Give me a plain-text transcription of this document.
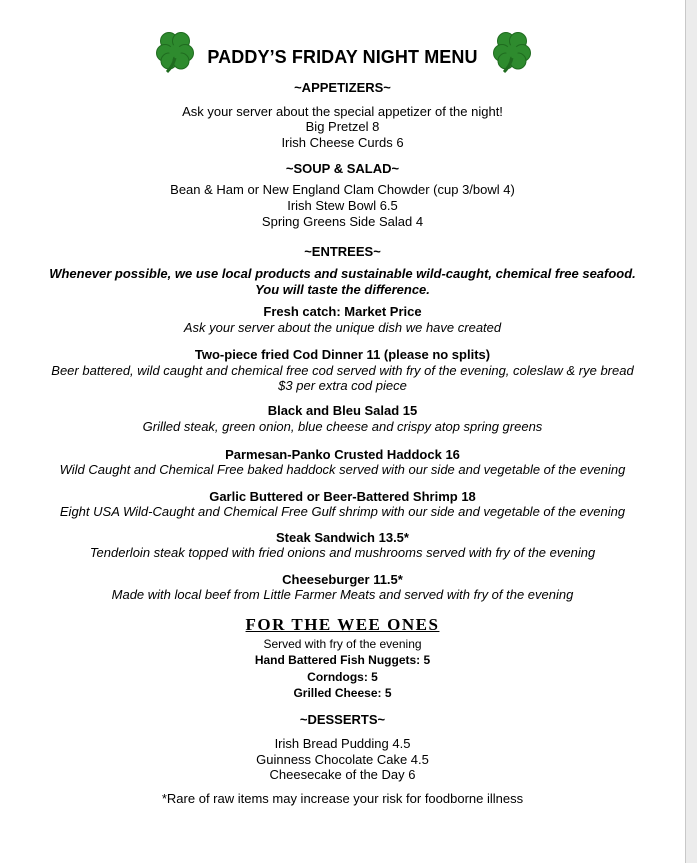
PADDY’S FRIDAY NIGHT MENU
~APPETIZERS~
Ask your server about the special appetizer of the night!
Big Pretzel 8
Irish Cheese Curds 6
~SOUP & SALAD~
Bean & Ham or New England Clam Chowder (cup 3/bowl 4)
Irish Stew Bowl 6.5
Spring Greens Side Salad 4
~ENTREES~
Whenever possible, we use local products and sustainable wild-caught, chemical free seafood.
You will taste the difference.
Fresh catch: Market Price
Ask your server about the unique dish we have created
Two-piece fried Cod Dinner 11 (please no splits)
Beer battered, wild caught and chemical free cod served with fry of the evening, coleslaw & rye bread
$3 per extra cod piece
Black and Bleu Salad 15
Grilled steak, green onion, blue cheese and crispy atop spring greens
Parmesan-Panko Crusted Haddock 16
Wild Caught and Chemical Free baked haddock served with our side and vegetable of the evening
Garlic Buttered or Beer-Battered Shrimp 18
Eight USA Wild-Caught and Chemical Free Gulf shrimp with our side and vegetable of the evening
Steak Sandwich 13.5*
Tenderloin steak topped with fried onions and mushrooms served with fry of the evening
Cheeseburger 11.5*
Made with local beef from Little Farmer Meats and served with fry of the evening
FOR THE WEE ONES
Served with fry of the evening
Hand Battered Fish Nuggets: 5
Corndogs: 5
Grilled Cheese: 5
~DESSERTS~
Irish Bread Pudding 4.5
Guinness Chocolate Cake 4.5
Cheesecake of the Day 6
*Rare of raw items may increase your risk for foodborne illness
